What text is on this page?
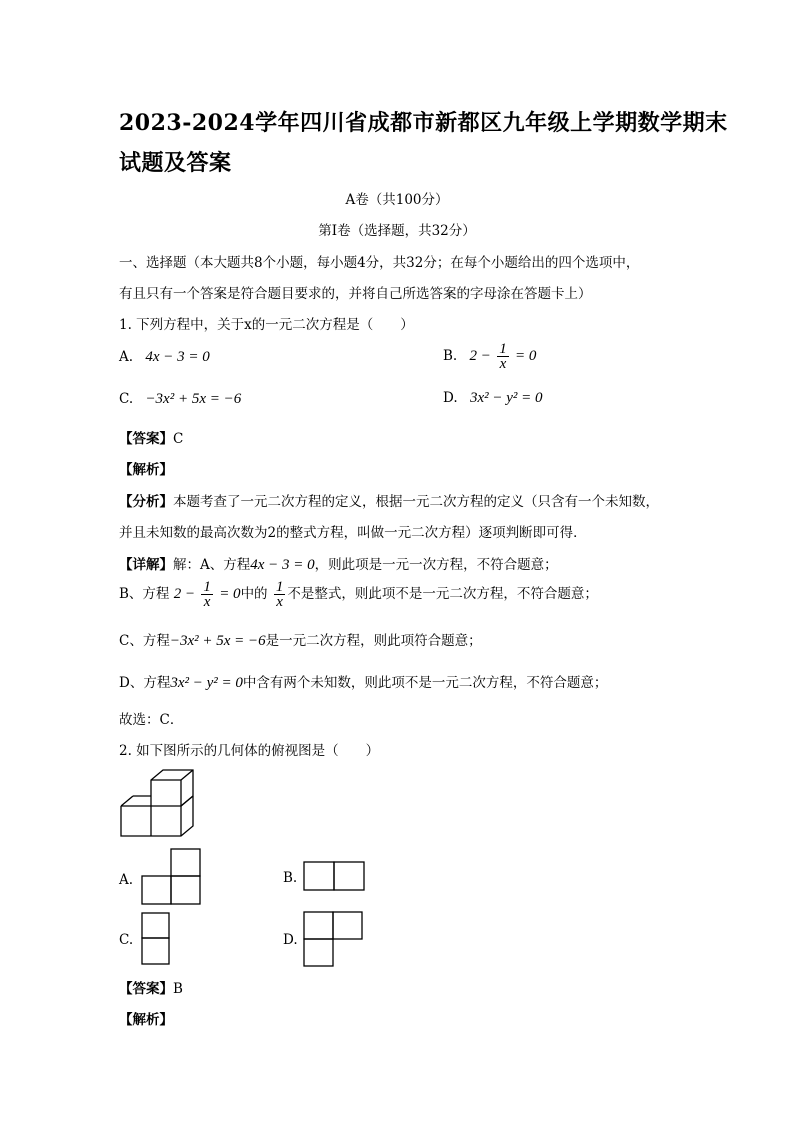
2023-2024学年四川省成都市新都区九年级上学期数学期末
试题及答案
A卷（共100分）
第Ⅰ卷（选择题，共32分）
一、选择题（本大题共8个小题，每小题4分，共32分；在每个小题给出的四个选项中，
有且只有一个答案是符合题目要求的，并将自己所选答案的字母涂在答题卡上）
1. 下列方程中，关于x的一元二次方程是（　　）
A. 4x − 3 = 0	B. $2 - \frac{1}{x} = 0$
C. −3x² + 5x = −6	D. 3x² − y² = 0
【答案】C
【解析】
【分析】本题考查了一元二次方程的定义，根据一元二次方程的定义（只含有一个未知数，
并且未知数的最高次数为2的整式方程，叫做一元二次方程）逐项判断即可得．
【详解】解：A、方程4x − 3 = 0，则此项是一元一次方程，不符合题意；
B、方程 $2 - \frac{1}{x} = 0$中的 $\frac{1}{x}$ 不是整式，则此项不是一元二次方程，不符合题意；
C、方程−3x² + 5x = −6是一元二次方程，则此项符合题意；
D、方程3x² − y² = 0中含有两个未知数，则此项不是一元二次方程，不符合题意；
故选：C．
2. 如下图所示的几何体的俯视图是（　　）
A.	B.
C.	D.
【答案】B
【解析】
